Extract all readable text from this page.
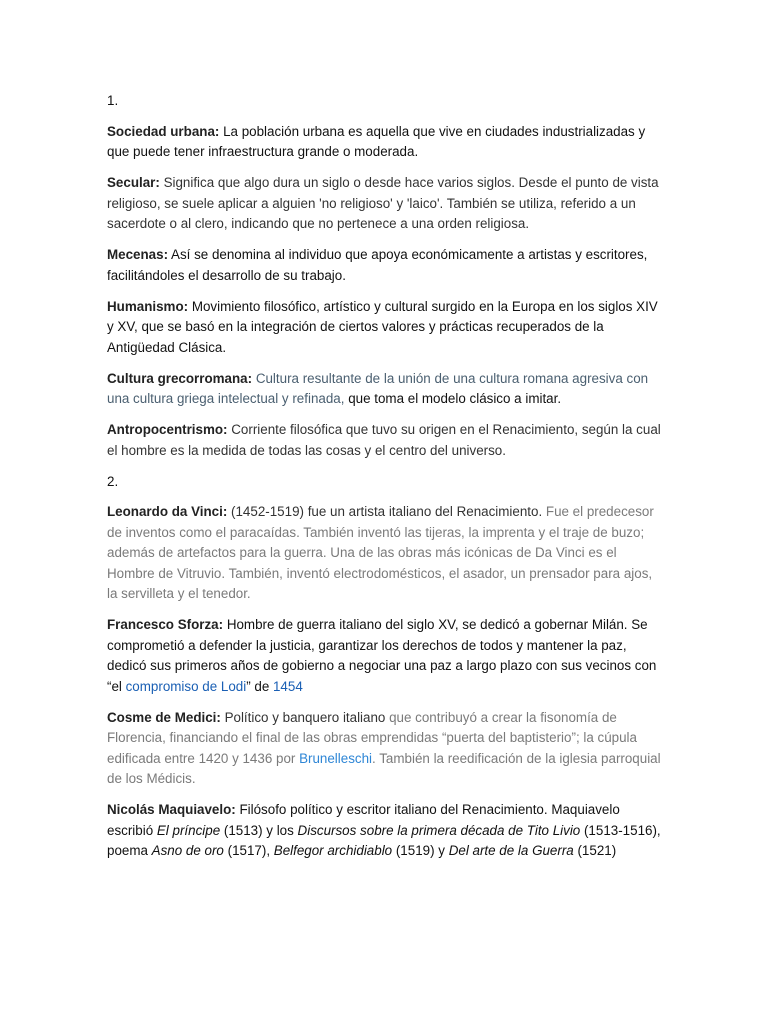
1.

Sociedad urbana: La población urbana es aquella que vive en ciudades industrializadas y que puede tener infraestructura grande o moderada.

Secular: Significa que algo dura un siglo o desde hace varios siglos. Desde el punto de vista religioso, se suele aplicar a alguien 'no religioso' y 'laico'. También se utiliza, referido a un sacerdote o al clero, indicando que no pertenece a una orden religiosa.

Mecenas: Así se denomina al individuo que apoya económicamente a artistas y escritores, facilitándoles el desarrollo de su trabajo.

Humanismo: Movimiento filosófico, artístico y cultural surgido en la Europa en los siglos XIV y XV, que se basó en la integración de ciertos valores y prácticas recuperados de la Antigüedad Clásica.

Cultura grecorromana: Cultura resultante de la unión de una cultura romana agresiva con una cultura griega intelectual y refinada, que toma el modelo clásico a imitar.

Antropocentrismo: Corriente filosófica que tuvo su origen en el Renacimiento, según la cual el hombre es la medida de todas las cosas y el centro del universo.

2.

Leonardo da Vinci: (1452-1519) fue un artista italiano del Renacimiento. Fue el predecesor de inventos como el paracaídas. También inventó las tijeras, la imprenta y el traje de buzo; además de artefactos para la guerra. Una de las obras más icónicas de Da Vinci es el Hombre de Vitruvio. También, inventó electrodomésticos, el asador, un prensador para ajos, la servilleta y el tenedor.

Francesco Sforza: Hombre de guerra italiano del siglo XV, se dedicó a gobernar Milán. Se comprometió a defender la justicia, garantizar los derechos de todos y mantener la paz, dedicó sus primeros años de gobierno a negociar una paz a largo plazo con sus vecinos con “el compromiso de Lodi” de 1454

Cosme de Medici: Político y banquero italiano que contribuyó a crear la fisonomía de Florencia, financiando el final de las obras emprendidas “puerta del baptisterio”; la cúpula edificada entre 1420 y 1436 por Brunelleschi. También la reedificación de la iglesia parroquial de los Médicis.

Nicolás Maquiavelo: Filósofo político y escritor italiano del Renacimiento. Maquiavelo escribió El príncipe (1513) y los Discursos sobre la primera década de Tito Livio (1513-1516), poema Asno de oro (1517), Belfegor archidiablo (1519) y Del arte de la Guerra (1521)
